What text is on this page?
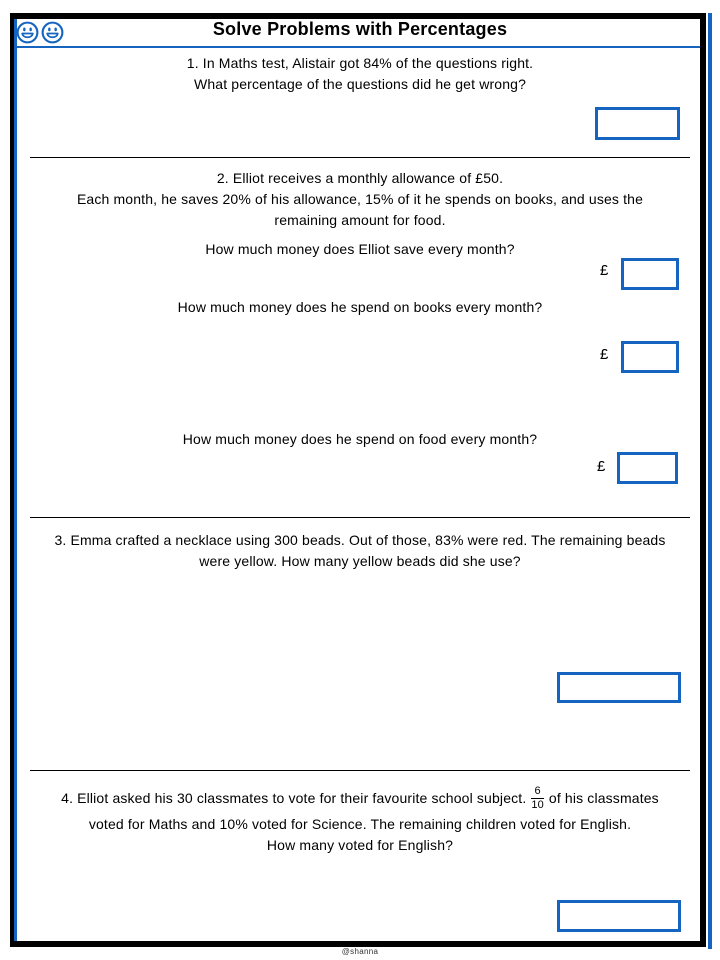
Solve Problems with Percentages
1. In Maths test, Alistair got 84% of the questions right.
What percentage of the questions did he get wrong?
2. Elliot receives a monthly allowance of £50.
Each month, he saves 20% of his allowance, 15% of it he spends on books, and uses the
remaining amount for food.
How much money does Elliot save every month?
£
How much money does he spend on books every month?
£
How much money does he spend on food every month?
£
3. Emma crafted a necklace using 300 beads. Out of those, 83% were red. The remaining beads
were yellow. How many yellow beads did she use?
4. Elliot asked his 30 classmates to vote for their favourite school subject. $\frac{6}{10}$ of his classmates
voted for Maths and 10% voted for Science. The remaining children voted for English.
How many voted for English?
@shanna
